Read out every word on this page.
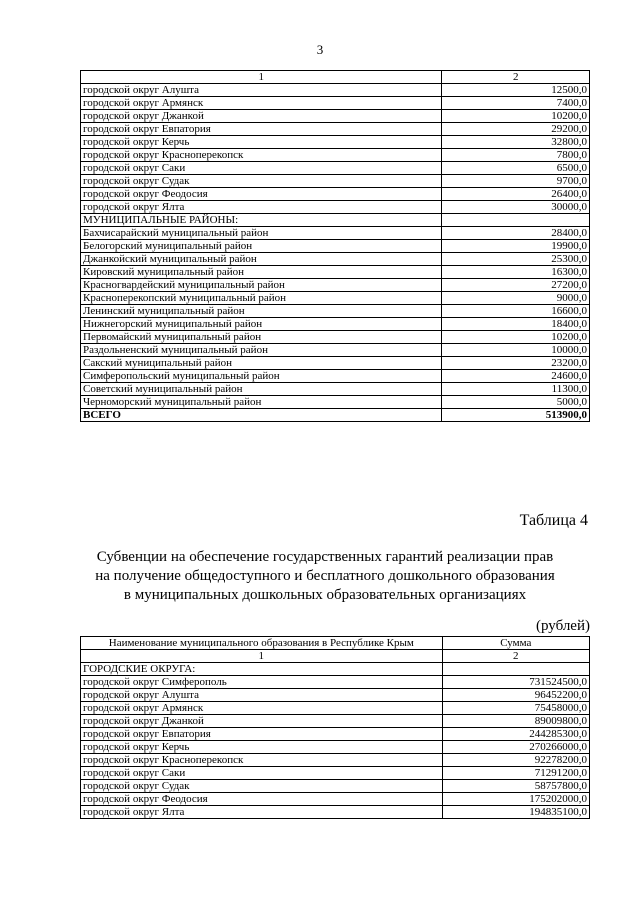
3
1	2
городской округ Алушта	12500,0
городской округ Армянск	7400,0
городской округ Джанкой	10200,0
городской округ Евпатория	29200,0
городской округ Керчь	32800,0
городской округ Красноперекопск	7800,0
городской округ Саки	6500,0
городской округ Судак	9700,0
городской округ Феодосия	26400,0
городской округ Ялта	30000,0
МУНИЦИПАЛЬНЫЕ РАЙОНЫ:	
Бахчисарайский муниципальный район	28400,0
Белогорский муниципальный район	19900,0
Джанкойский муниципальный район	25300,0
Кировский муниципальный район	16300,0
Красногвардейский муниципальный район	27200,0
Красноперекопский муниципальный район	9000,0
Ленинский муниципальный район	16600,0
Нижнегорский муниципальный район	18400,0
Первомайский муниципальный район	10200,0
Раздольненский муниципальный район	10000,0
Сакский муниципальный район	23200,0
Симферопольский муниципальный район	24600,0
Советский муниципальный район	11300,0
Черноморский муниципальный район	5000,0
ВСЕГО	513900,0
Таблица 4
Субвенции на обеспечение государственных гарантий реализации прав
на получение общедоступного и бесплатного дошкольного образования
в муниципальных дошкольных образовательных организациях
(рублей)
Наименование муниципального образования в Республике Крым	Сумма
1	2
ГОРОДСКИЕ ОКРУГА:	
городской округ Симферополь	731524500,0
городской округ Алушта	96452200,0
городской округ Армянск	75458000,0
городской округ Джанкой	89009800,0
городской округ Евпатория	244285300,0
городской округ Керчь	270266000,0
городской округ Красноперекопск	92278200,0
городской округ Саки	71291200,0
городской округ Судак	58757800,0
городской округ Феодосия	175202000,0
городской округ Ялта	194835100,0
